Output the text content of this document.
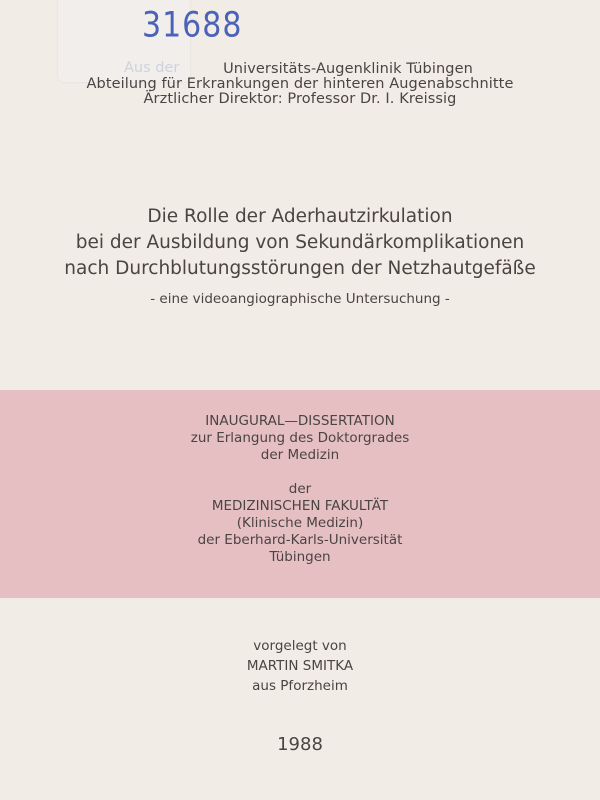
31688
Aus der	Universitäts-Augenklinik Tübingen
Abteilung für Erkrankungen der hinteren Augenabschnitte
Ärztlicher Direktor: Professor Dr. I. Kreissig
Die Rolle der Aderhautzirkulation
bei der Ausbildung von Sekundärkomplikationen
nach Durchblutungsstörungen der Netzhautgefäße
- eine videoangiographische Untersuchung -
INAUGURAL—DISSERTATION
zur Erlangung des Doktorgrades
der Medizin
der
MEDIZINISCHEN FAKULTÄT
(Klinische Medizin)
der Eberhard-Karls-Universität
Tübingen
vorgelegt von
MARTIN SMITKA
aus Pforzheim
1988
